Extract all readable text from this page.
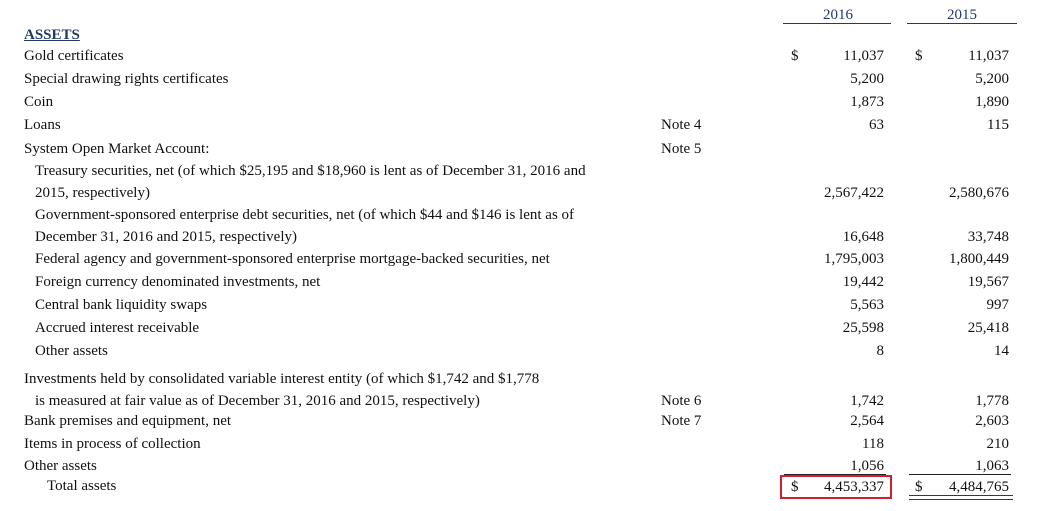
2016	2015
ASSETS
Gold certificates	$	11,037 $	11,037
Special drawing rights certificates	5,200	5,200
Coin	1,873	1,890
Loans	Note 4	63	115
System Open Market Account:	Note 5
Treasury securities, net (of which $25,195 and $18,960 is lent as of December 31, 2016 and
2015, respectively)	2,567,422	2,580,676
Government-sponsored enterprise debt securities, net (of which $44 and $146 is lent as of
December 31, 2016 and 2015, respectively)	16,648	33,748
Federal agency and government-sponsored enterprise mortgage-backed securities, net	1,795,003	1,800,449
Foreign currency denominated investments, net	19,442	19,567
Central bank liquidity swaps	5,563	997
Accrued interest receivable	25,598	25,418
Other assets	8	14
Investments held by consolidated variable interest entity (of which $1,742 and $1,778
is measured at fair value as of December 31, 2016 and 2015, respectively)	Note 6	1,742	1,778
Bank premises and equipment, net	Note 7	2,564	2,603
Items in process of collection	118	210
Other assets	1,056	1,063
Total assets	$	4,453,337 $	4,484,765
